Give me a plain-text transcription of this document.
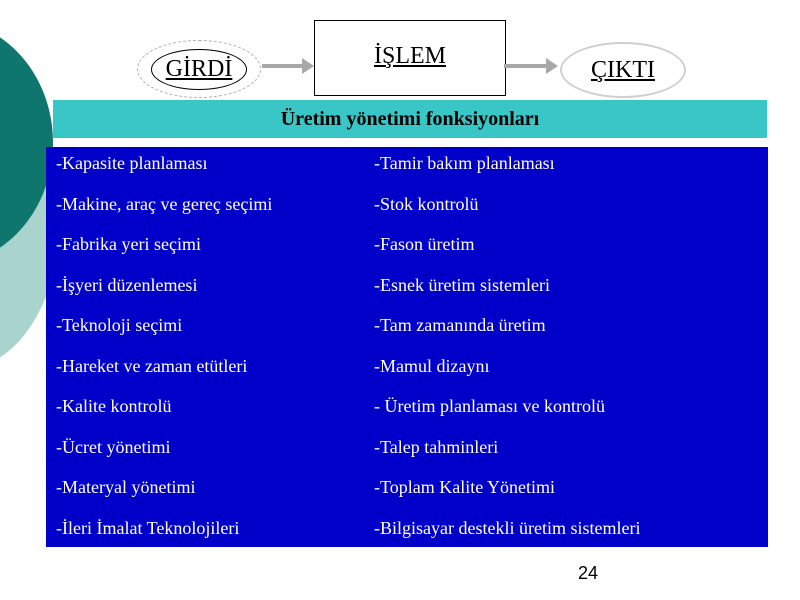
GİRDİ	İŞLEM
ÇIKTI
Üretim yönetimi fonksiyonları
-Kapasite planlaması
-Makine, araç ve gereç seçimi
-Fabrika yeri seçimi
-İşyeri düzenlemesi
-Teknoloji seçimi
-Hareket ve zaman etütleri
-Kalite kontrolü
-Ücret yönetimi
-Materyal yönetimi
-İleri İmalat Teknolojileri
-Tamir bakım planlaması
-Stok kontrolü
-Fason üretim
-Esnek üretim sistemleri
-Tam zamanında üretim
-Mamul dizaynı
- Üretim planlaması ve kontrolü
-Talep tahminleri
-Toplam Kalite Yönetimi
-Bilgisayar destekli üretim sistemleri
24
